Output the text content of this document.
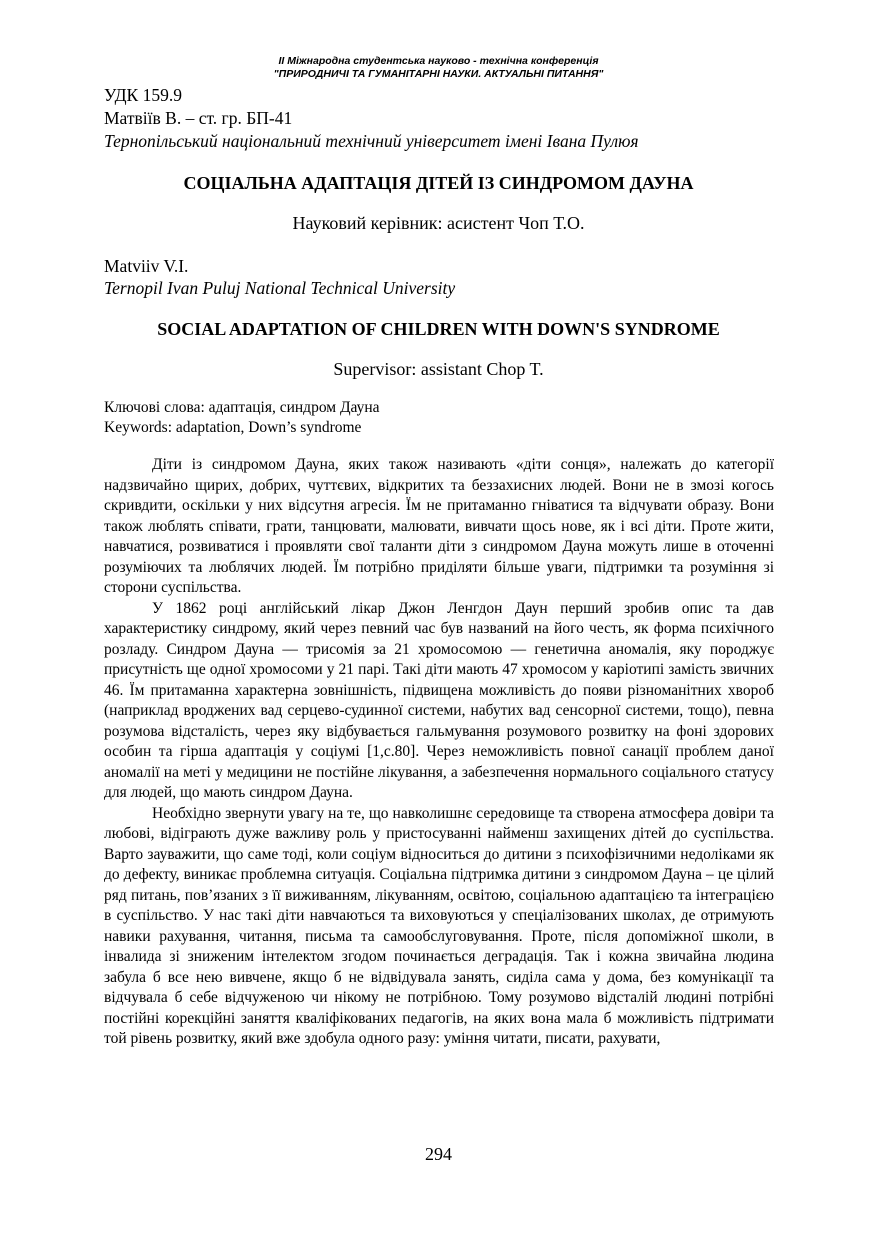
ІІ Міжнародна студентська науково - технічна конференція
"ПРИРОДНИЧІ ТА ГУМАНІТАРНІ НАУКИ. АКТУАЛЬНІ ПИТАННЯ"
УДК 159.9
Матвіїв В. – ст. гр. БП-41
Тернопільський національний технічний університет імені Івана Пулюя
СОЦІАЛЬНА АДАПТАЦІЯ ДІТЕЙ ІЗ СИНДРОМОМ ДАУНА
Науковий керівник: асистент Чоп Т.О.
Matviiv V.I.
Ternopil Ivan Puluj National Technical University
SOCIAL ADAPTATION OF CHILDREN WITH DOWN'S SYNDROME
Supervisor: assistant Chop T.
Ключові слова: адаптація, синдром Дауна
Keywords: adaptation, Down’s syndrome

Діти із синдромом Дауна, яких також називають «діти сонця», належать до категорії надзвичайно щирих, добрих, чуттєвих, відкритих та беззахисних людей. Вони не в змозі когось скривдити, оскільки у них відсутня агресія. Їм не притаманно гніватися та відчувати образу. Вони також люблять співати, грати, танцювати, малювати, вивчати щось нове, як і всі діти. Проте жити, навчатися, розвиватися і проявляти свої таланти діти з синдромом Дауна можуть лише в оточенні розуміючих та люблячих людей. Їм потрібно приділяти більше уваги, підтримки та розуміння зі сторони суспільства.

У 1862 році англійський лікар Джон Ленгдон Даун перший зробив опис та дав характеристику синдрому, який через певний час був названий на його честь, як форма психічного розладу. Синдром Дауна — трисомія за 21 хромосомою — генетична аномалія, яку породжує присутність ще одної хромосоми у 21 парі. Такі діти мають 47 хромосом у каріотипі замість звичних 46. Їм притаманна характерна зовнішність, підвищена можливість до появи різноманітних хвороб (наприклад вроджених вад серцево-судинної системи, набутих вад сенсорної системи, тощо), певна розумова відсталість, через яку відбувається гальмування розумового розвитку на фоні здорових особин та гірша адаптація у соціумі [1,с.80]. Через неможливість повної санації проблем даної аномалії на меті у медицини не постійне лікування, а забезпечення нормального соціального статусу для людей, що мають синдром Дауна.

Необхідно звернути увагу на те, що навколишнє середовище та створена атмосфера довіри та любові, відіграють дуже важливу роль у пристосуванні найменш захищених дітей до суспільства. Варто зауважити, що саме тоді, коли соціум відноситься до дитини з психофізичними недоліками як до дефекту, виникає проблемна ситуація. Соціальна підтримка дитини з синдромом Дауна – це цілий ряд питань, пов’язаних з її виживанням, лікуванням, освітою, соціальною адаптацією та інтеграцією в суспільство. У нас такі діти навчаються та виховуються у спеціалізованих школах, де отримують навики рахування, читання, письма та самообслуговування. Проте, після допоміжної школи, в інвалида зі зниженим інтелектом згодом починається деградація. Так і кожна звичайна людина забула б все нею вивчене, якщо б не відвідувала занять, сиділа сама у дома, без комунікації та відчувала б себе відчуженою чи нікому не потрібною. Тому розумово відсталій людині потрібні постійні корекційні заняття кваліфікованих педагогів, на яких вона мала б можливість підтримати той рівень розвитку, який вже здобула одного разу: уміння читати, писати, рахувати,

294
